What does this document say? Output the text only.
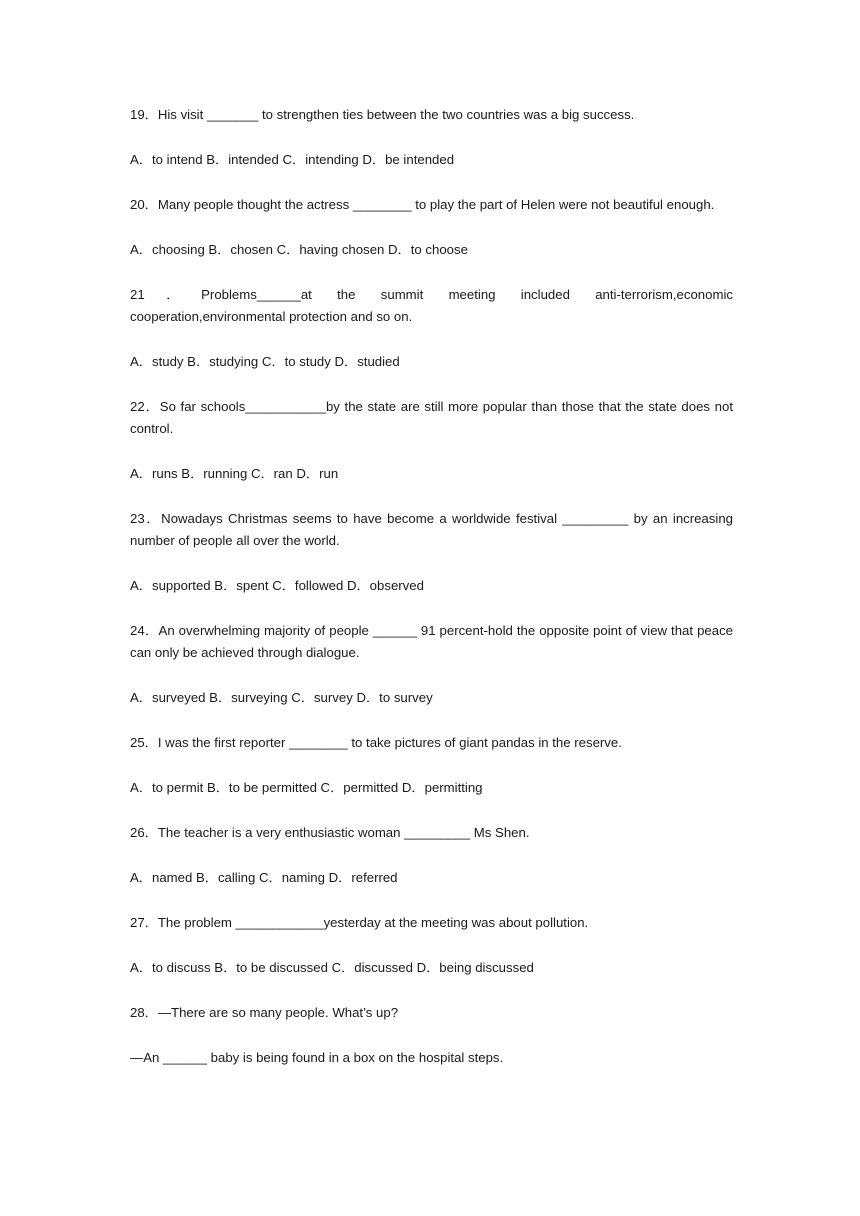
19．His visit _______ to strengthen ties between the two countries was a big success.
A．to intend B．intended C．intending D．be intended
20．Many people thought the actress ________ to play the part of Helen were not beautiful enough.
A．choosing B．chosen C．having chosen D．to choose
21．Problems______at the summit meeting included anti-terrorism,economic cooperation,environmental protection and so on.
A．study B．studying C．to study D．studied
22．So far schools___________by the state are still more popular than those that the state does not control.
A．runs B．running C．ran D．run
23．Nowadays Christmas seems to have become a worldwide festival _________ by an increasing number of people all over the world.
A．supported B．spent C．followed D．observed
24．An overwhelming majority of people ______ 91 percent-hold the opposite point of view that peace can only be achieved through dialogue.
A．surveyed B．surveying C．survey D．to survey
25．I was the first reporter ________ to take pictures of giant pandas in the reserve.
A．to permit B．to be permitted C．permitted D．permitting
26．The teacher is a very enthusiastic woman _________ Ms Shen.
A．named B．calling C．naming D．referred
27．The problem ____________yesterday at the meeting was about pollution.
A．to discuss B．to be discussed C．discussed D．being discussed
28．—There are so many people. What’s up?
—An ______ baby is being found in a box on the hospital steps.
